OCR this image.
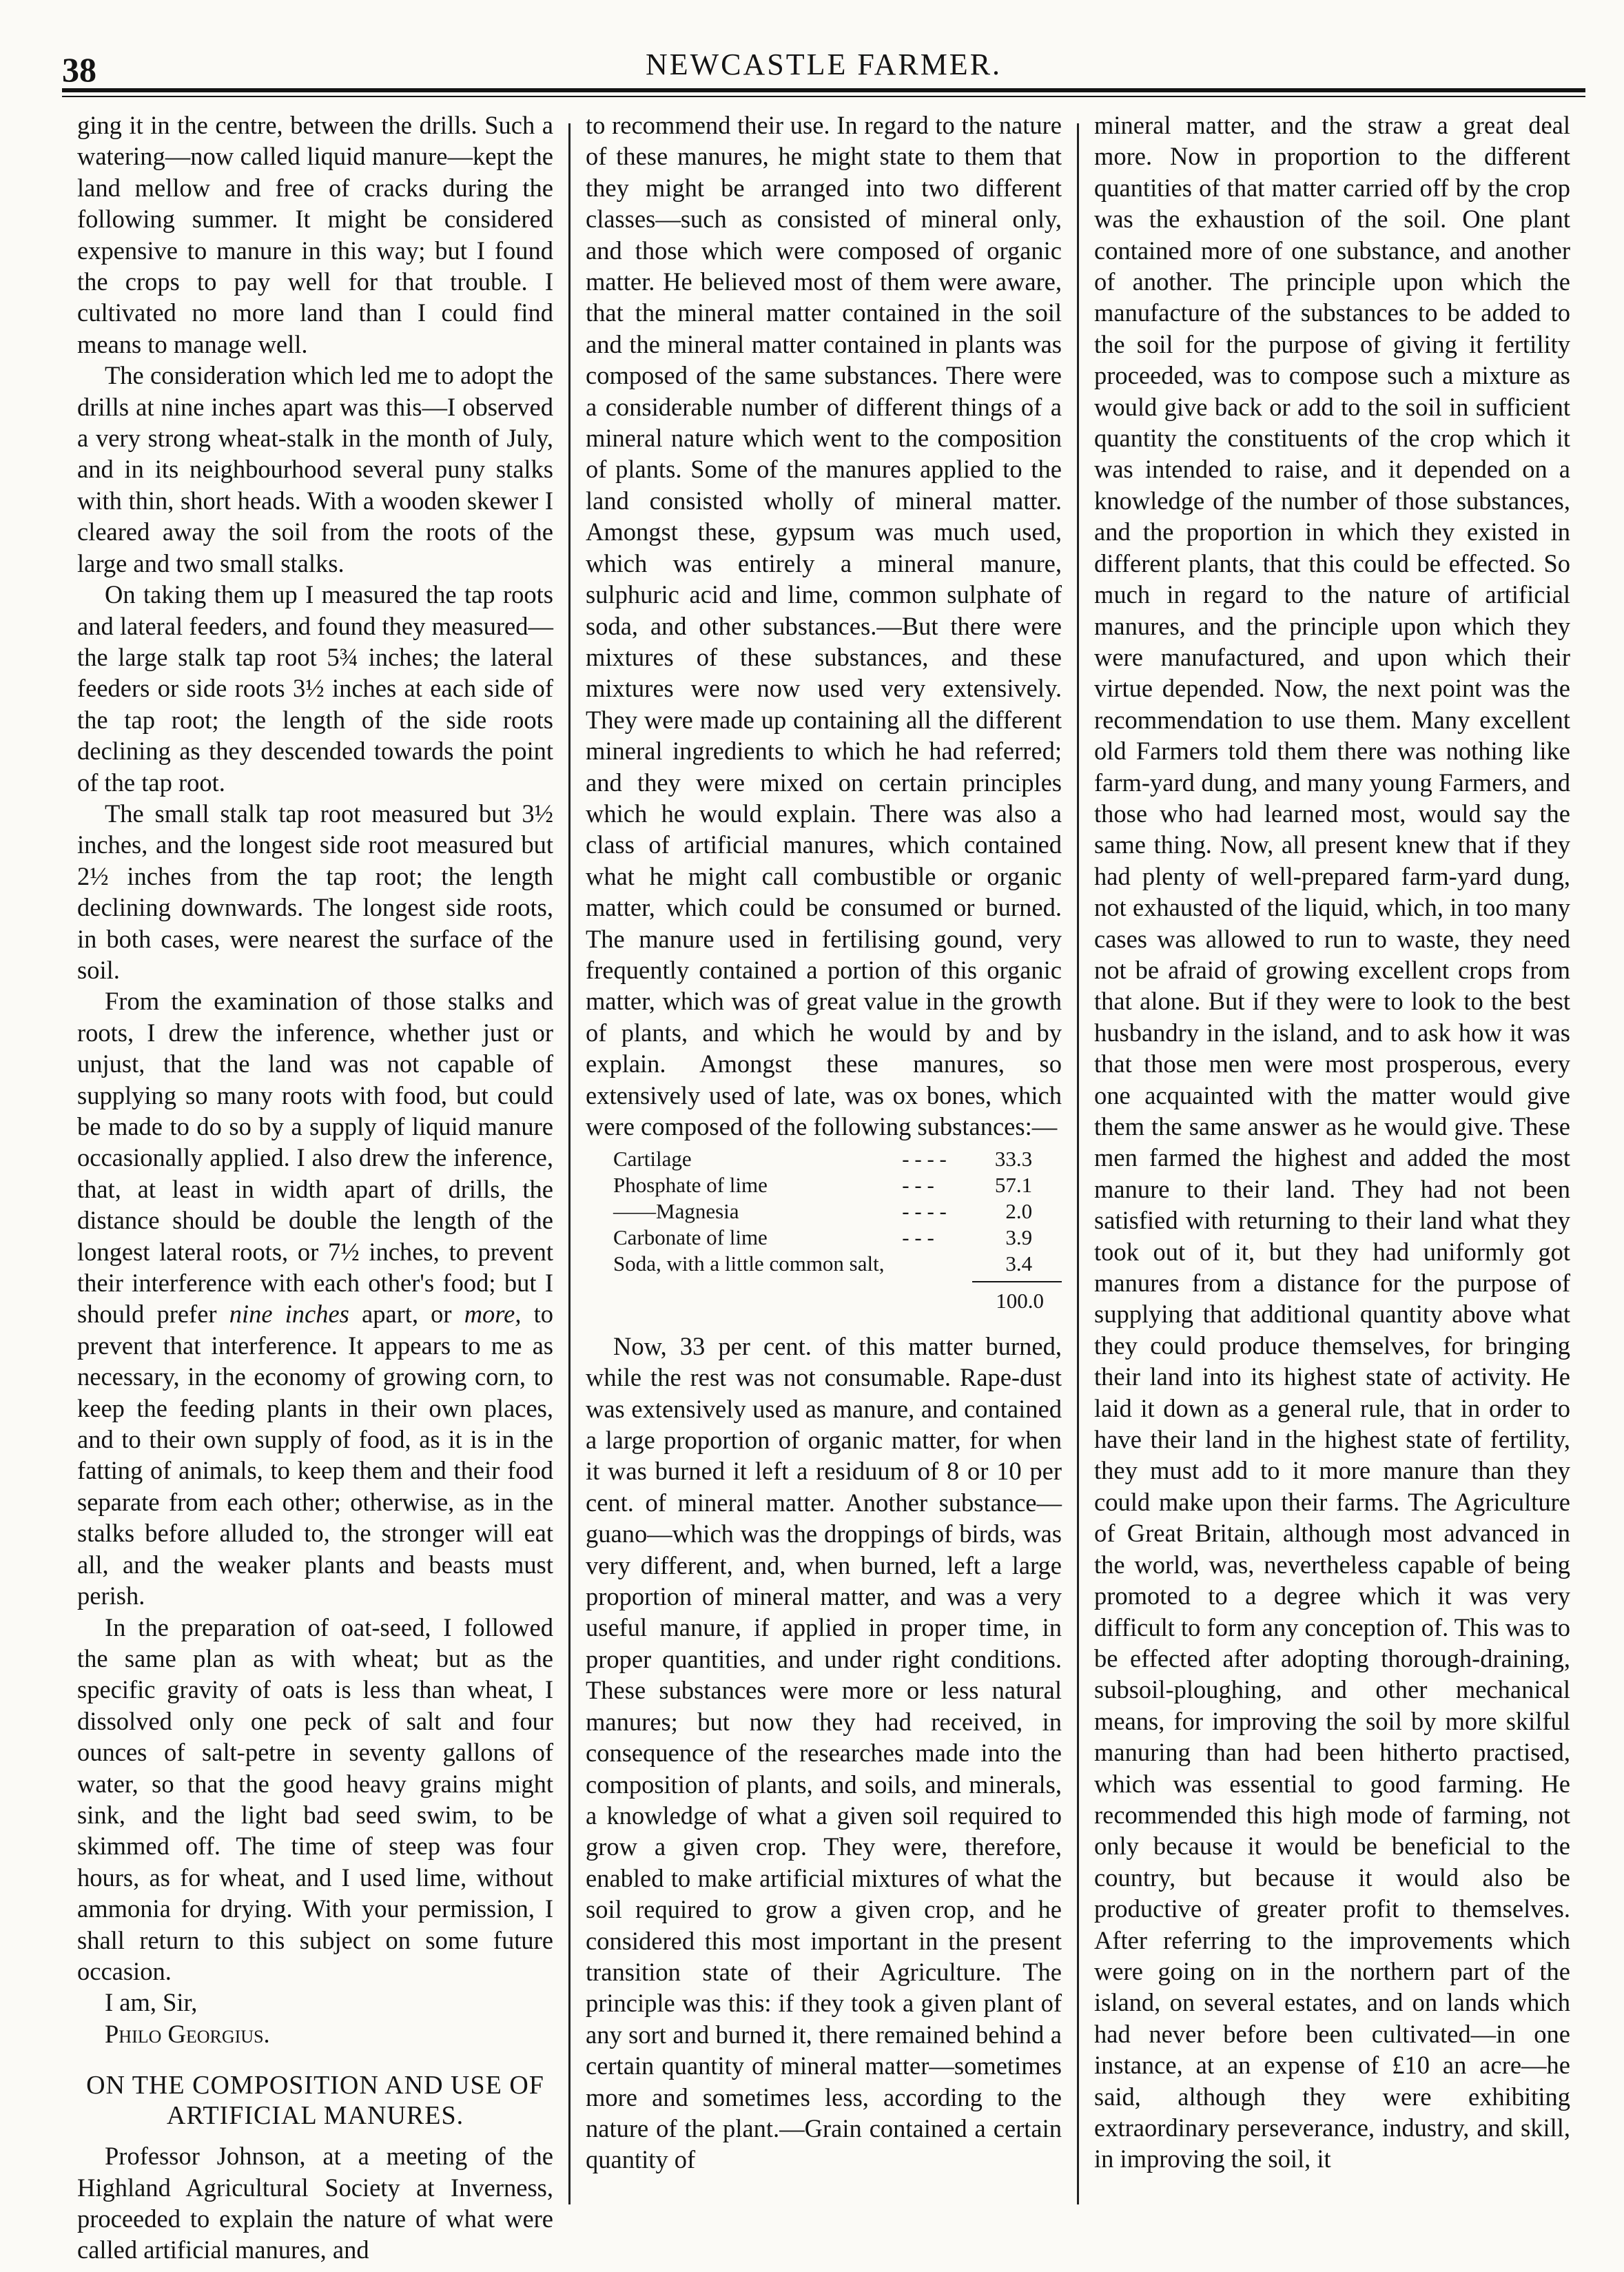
38	NEWCASTLE FARMER.

ging it in the centre, between the drills. Such a watering—now called liquid manure—kept the land mellow and free of cracks during the following summer. It might be considered expensive to manure in this way; but I found the crops to pay well for that trouble. I cultivated no more land than I could find means to manage well.

The consideration which led me to adopt the drills at nine inches apart was this—I observed a very strong wheat-stalk in the month of July, and in its neighbourhood several puny stalks with thin, short heads. With a wooden skewer I cleared away the soil from the roots of the large and two small stalks.

On taking them up I measured the tap roots and lateral feeders, and found they measured—the large stalk tap root 5¾ inches; the lateral feeders or side roots 3½ inches at each side of the tap root; the length of the side roots declining as they descended towards the point of the tap root.

The small stalk tap root measured but 3½ inches, and the longest side root measured but 2½ inches from the tap root; the length declining downwards. The longest side roots, in both cases, were nearest the surface of the soil.

From the examination of those stalks and roots, I drew the inference, whether just or unjust, that the land was not capable of supplying so many roots with food, but could be made to do so by a supply of liquid manure occasionally applied. I also drew the inference, that, at least in width apart of drills, the distance should be double the length of the longest lateral roots, or 7½ inches, to prevent their interference with each other's food; but I should prefer nine inches apart, or more, to prevent that interference. It appears to me as necessary, in the economy of growing corn, to keep the feeding plants in their own places, and to their own supply of food, as it is in the fatting of animals, to keep them and their food separate from each other; otherwise, as in the stalks before alluded to, the stronger will eat all, and the weaker plants and beasts must perish.

In the preparation of oat-seed, I followed the same plan as with wheat; but as the specific gravity of oats is less than wheat, I dissolved only one peck of salt and four ounces of salt-petre in seventy gallons of water, so that the good heavy grains might sink, and the light bad seed swim, to be skimmed off. The time of steep was four hours, as for wheat, and I used lime, without ammonia for drying. With your permission, I shall return to this subject on some future occasion.

I am, Sir,

Philo Georgius.

ON THE COMPOSITION AND USE OF ARTIFICIAL MANURES.

Professor Johnson, at a meeting of the Highland Agricultural Society at Inverness, proceeded to explain the nature of what were called artificial manures, and

to recommend their use. In regard to the nature of these manures, he might state to them that they might be arranged into two different classes—such as consisted of mineral only, and those which were composed of organic matter. He believed most of them were aware, that the mineral matter contained in the soil and the mineral matter contained in plants was composed of the same substances. There were a considerable number of different things of a mineral nature which went to the composition of plants. Some of the manures applied to the land consisted wholly of mineral matter. Amongst these, gypsum was much used, which was entirely a mineral manure, sulphuric acid and lime, common sulphate of soda, and other substances.—But there were mixtures of these substances, and these mixtures were now used very extensively. They were made up containing all the different mineral ingredients to which he had referred; and they were mixed on certain principles which he would explain. There was also a class of artificial manures, which contained what he might call combustible or organic matter, which could be consumed or burned. The manure used in fertilising gound, very frequently contained a portion of this organic matter, which was of great value in the growth of plants, and which he would by and by explain. Amongst these manures, so extensively used of late, was ox bones, which were composed of the following substances:—

Cartilage	- - - -	33.3
Phosphate of lime	- - -	57.1
——Magnesia	- - - -	2.0
Carbonate of lime	- - -	3.9
Soda, with a little common salt,		3.4
100.0

Now, 33 per cent. of this matter burned, while the rest was not consumable. Rape-dust was extensively used as manure, and contained a large proportion of organic matter, for when it was burned it left a residuum of 8 or 10 per cent. of mineral matter. Another substance—guano—which was the droppings of birds, was very different, and, when burned, left a large proportion of mineral matter, and was a very useful manure, if applied in proper time, in proper quantities, and under right conditions. These substances were more or less natural manures; but now they had received, in consequence of the researches made into the composition of plants, and soils, and minerals, a knowledge of what a given soil required to grow a given crop. They were, therefore, enabled to make artificial mixtures of what the soil required to grow a given crop, and he considered this most important in the present transition state of their Agriculture. The principle was this: if they took a given plant of any sort and burned it, there remained behind a certain quantity of mineral matter—sometimes more and sometimes less, according to the nature of the plant.—Grain contained a certain quantity of

mineral matter, and the straw a great deal more. Now in proportion to the different quantities of that matter carried off by the crop was the exhaustion of the soil. One plant contained more of one substance, and another of another. The principle upon which the manufacture of the substances to be added to the soil for the purpose of giving it fertility proceeded, was to compose such a mixture as would give back or add to the soil in sufficient quantity the constituents of the crop which it was intended to raise, and it depended on a knowledge of the number of those substances, and the proportion in which they existed in different plants, that this could be effected. So much in regard to the nature of artificial manures, and the principle upon which they were manufactured, and upon which their virtue depended. Now, the next point was the recommendation to use them. Many excellent old Farmers told them there was nothing like farm-yard dung, and many young Farmers, and those who had learned most, would say the same thing. Now, all present knew that if they had plenty of well-prepared farm-yard dung, not exhausted of the liquid, which, in too many cases was allowed to run to waste, they need not be afraid of growing excellent crops from that alone. But if they were to look to the best husbandry in the island, and to ask how it was that those men were most prosperous, every one acquainted with the matter would give them the same answer as he would give. These men farmed the highest and added the most manure to their land. They had not been satisfied with returning to their land what they took out of it, but they had uniformly got manures from a distance for the purpose of supplying that additional quantity above what they could produce themselves, for bringing their land into its highest state of activity. He laid it down as a general rule, that in order to have their land in the highest state of fertility, they must add to it more manure than they could make upon their farms. The Agriculture of Great Britain, although most advanced in the world, was, nevertheless capable of being promoted to a degree which it was very difficult to form any conception of. This was to be effected after adopting thorough-draining, subsoil-ploughing, and other mechanical means, for improving the soil by more skilful manuring than had been hitherto practised, which was essential to good farming. He recommended this high mode of farming, not only because it would be beneficial to the country, but because it would also be productive of greater profit to themselves. After referring to the improvements which were going on in the northern part of the island, on several estates, and on lands which had never before been cultivated—in one instance, at an expense of £10 an acre—he said, although they were exhibiting extraordinary perseverance, industry, and skill, in improving the soil, it
